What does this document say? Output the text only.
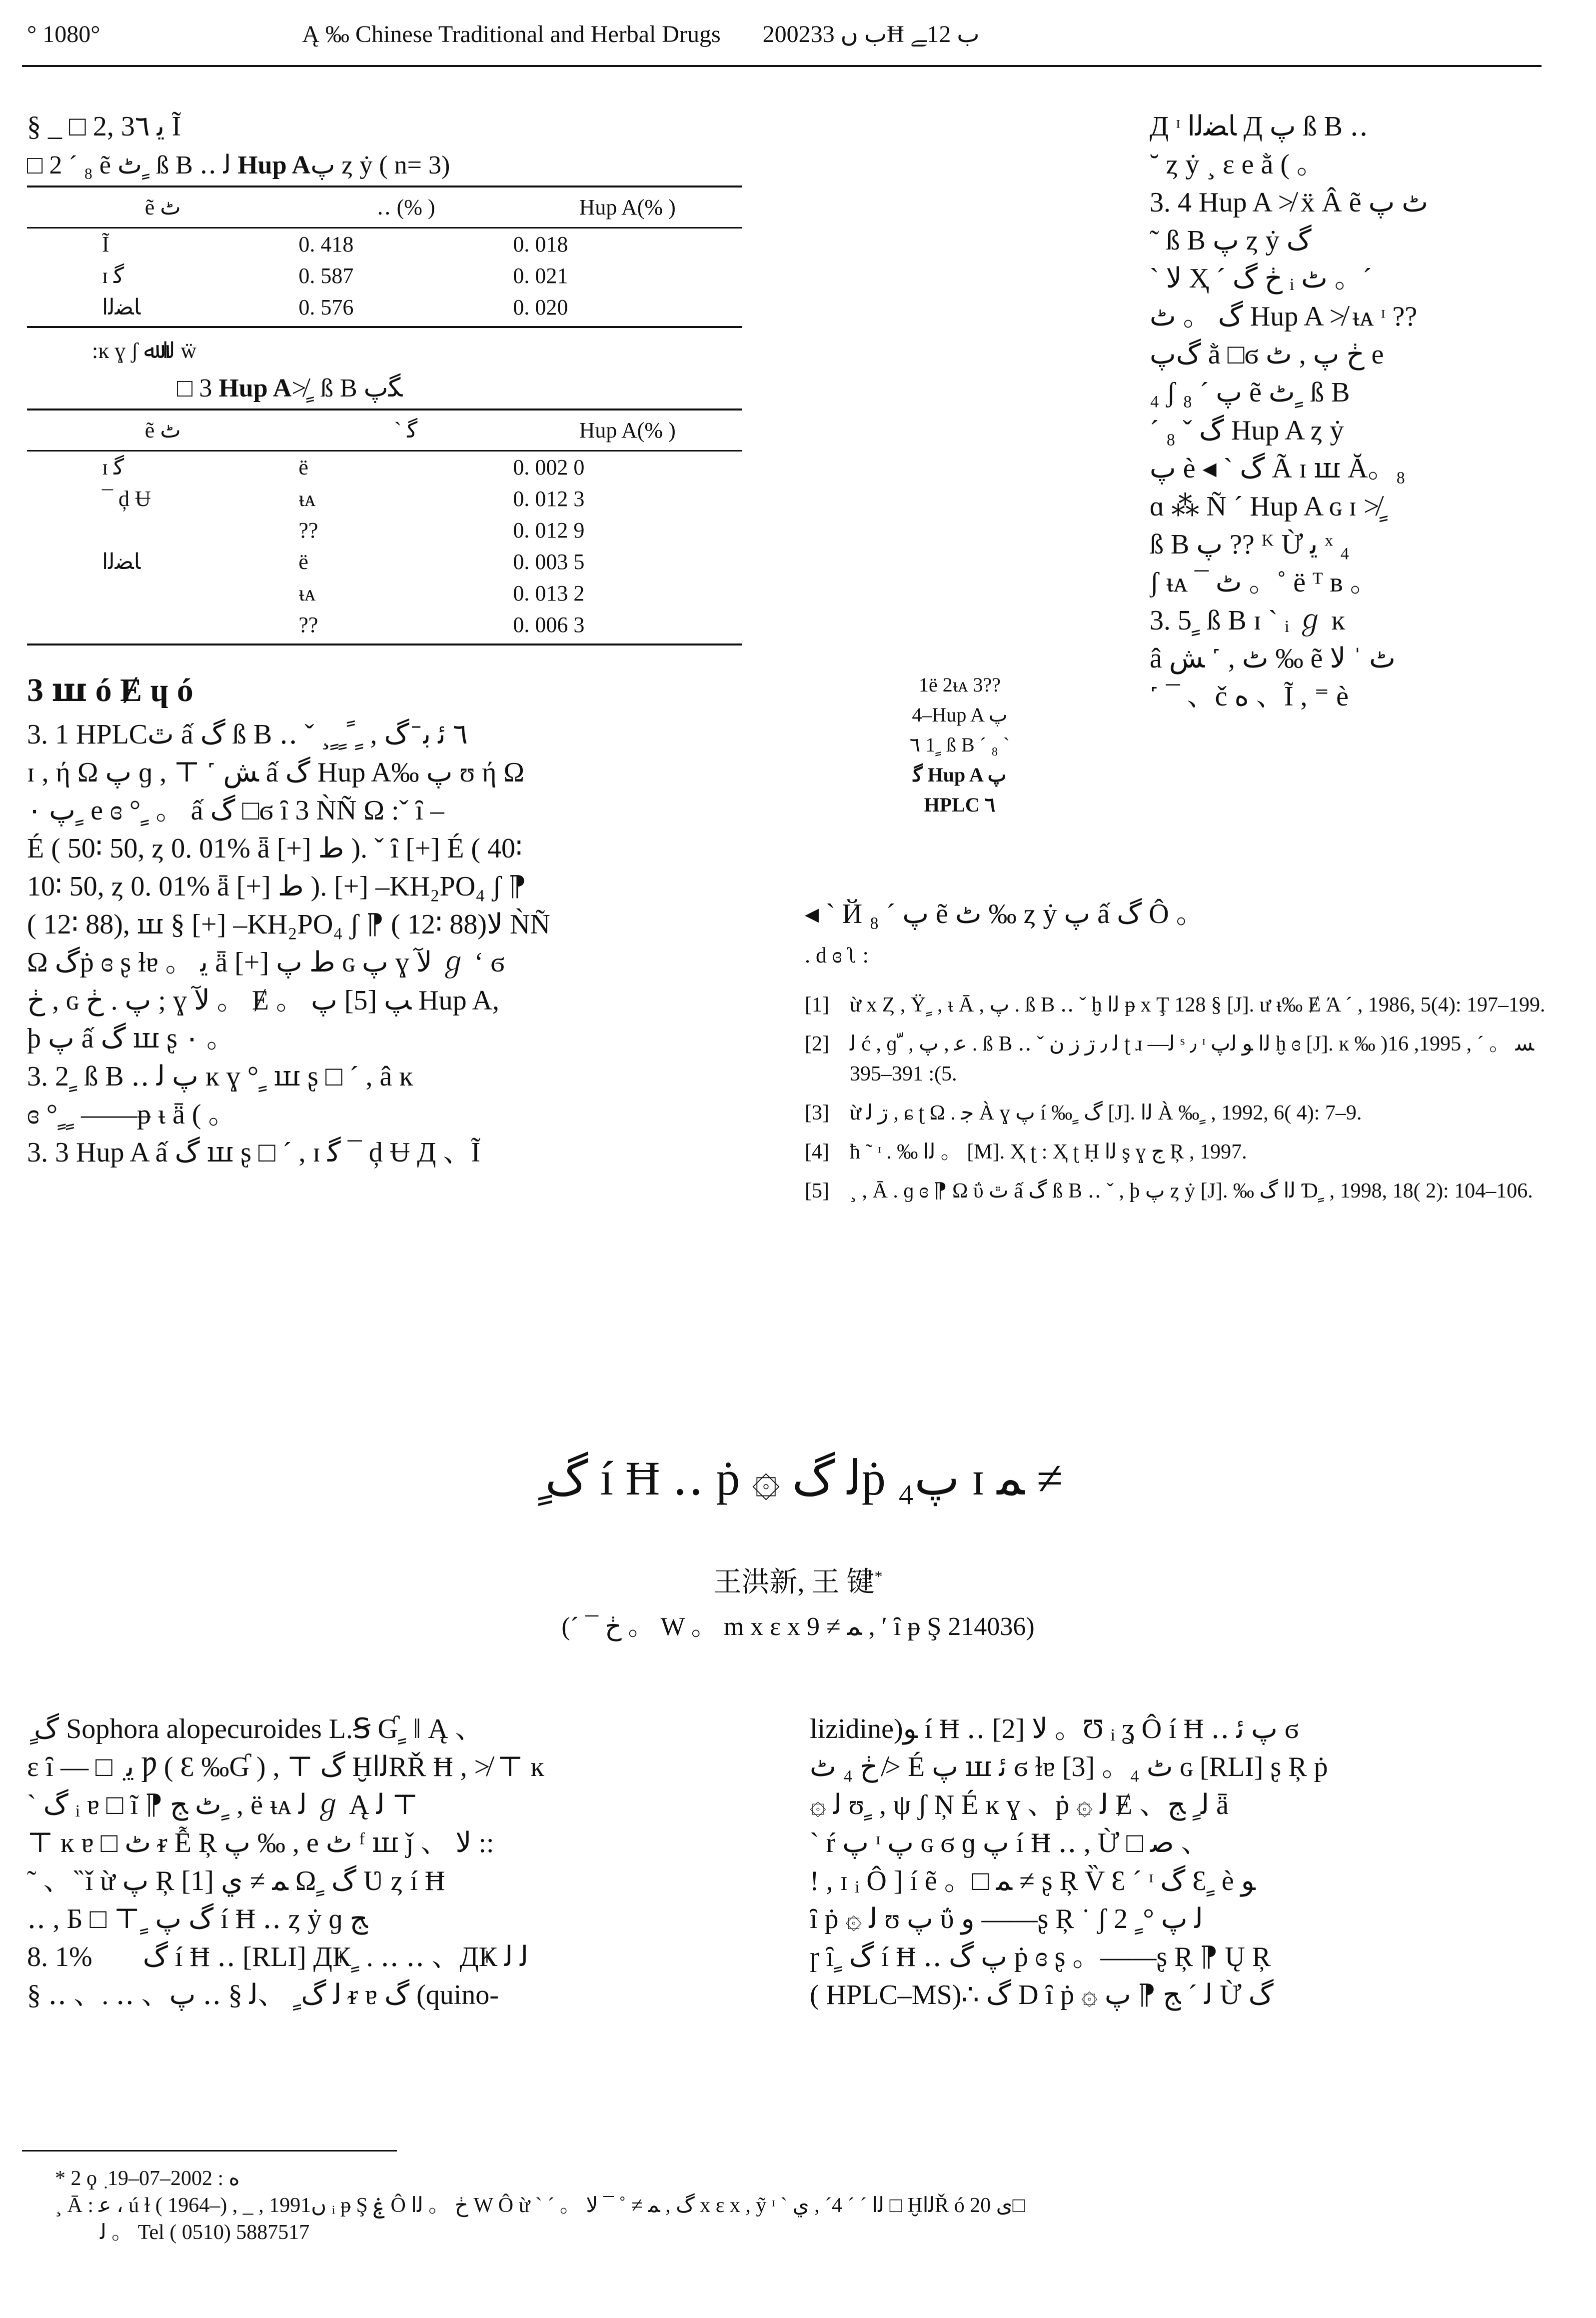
° 1080°	Ą ‰ Chinese Traditional and Herbal Drugs 2002ﺏ ں 33Ħ ﺏ 12ﮯ
§ _ □ 2, 3ﻳ ٦ Ĩ
□ 2 ´ ₈ ẽ ٹ ٍ ß Β ‥ ﻟ Hup Aﭖ ȥ ẏ ( n= 3)
ẽ ٹ	‥ (% )	Hup A(% )
Ĩ	0. 418	0. 018
ɪ ﮔ	0. 587	0. 021
ﺎﻀﻟا	0. 576	0. 020
:ĸ ɣ ʃ ﻟﺍ ﷲ ẅ
□ 3 Hup A≯ ٍ ß Β ﮕﭖ
ẽ ٹ	ˋ ﮔ	Hup A(% )
ɪ ﮔ	ë	0. 002 0
¯ ḑ Ʉ	ᵼᴀ	0. 012 3
	??	0. 012 9
ﺎﻀﻟا	ë	0. 003 5
	ᵼᴀ	0. 013 2
	??	0. 006 3
3 ꟺ ó Ɇ ɥ ó
3. 1 HPLCٿ ấ ﮒ ß Β ‥ ˇ ¸ ٍ ٍ ً ٍ , ٦ ﺋ ﺑ ̄ ﮒ
ɪ , ή Ω ﭖ ɡ , ⊤ ˹ ﺶ ấ ﮒ Hup A‰ ﭖ ʊ ή Ω
ﭖ ٠ ٍ e ɞ ° ٍ 。 ấ ﮒ □ϭ ȋ 3 ǸÑ Ω :ˇ ȋ –
É ( 50∶ 50, ȥ 0. 01% ǟ [+] ﻁ ). ˇ ȋ [+] É ( 40∶
10∶ 50, ȥ 0. 01% ǟ [+] ﻁ ). [+] –KH₂PO₄ ʃ ⁋
( 12∶ 88), ꟺ § [+] –KH₂PO₄ ʃ ⁋ ( 12∶ 88)ﻻ ǸÑ
Ω ﮒṗ ɞ ʂ ɫɐ 。 ﻳ ǟ [+] ﻁ ﭖ ɢ ﭖ ɣ ﻵ ℊ ʻ ϭ
ڂ , ɢ ﭖ . ڂ ; ɣ ﻵ 。 Ɇ 。 ﭗ [5] ﭖ Hup A,
þ ﭖ ấ ﮒ ꟺ ʂ ٠ 。
3. 2 ٍ ß Β ‥ ﭖ ﻟ ĸ ɣ ° ٍ ꟺ ʂ □ ´ , â ĸ
ɞ ° ٍ ٍ ——ᵽ ᵼ ǟ ( 。
3. 3 Hup A ấ ﮒ ꟺ ʂ □ ´ , ɪ ﮔ ¯ ḑ Ʉ Д 、Ĩ
1ë 2ᵼᴀ 3??
4–Hup A ﭖ
٦ 1 ٍ ß Β ´ ₈ ˋ
ﮔ Hup A ﭖ
HPLC ٦
Д ᶦ ﺎﻀﻟا Д ﭖ ß Β ‥
˘ ȥ ẏ ¸ ɛ e ằ ( 。
3. 4 Hup A ≯ ẍ Â ẽ ٹ ﭖ
˜ ß Β ﭖ ȥ ẏ ﮒ
` ﻻ Ҳ ˊ ڂ ﮒ ᵢ ٹ 。ˊ
ﮒ 。 ٹ Hup A ≯ ᵼᴀ ᶦ ??
ﮒﭖ ằ □ϭ ڂ ﭖ , ٹ e
₄ ʃ ﭖ ´ ₈ ẽ ٹ ٍ ß Β
´ ₈ ˇ ﮒ Hup A ȥ ẏ
ﭖ è ◂ ˋ ﮒ Ã ɪ ꟺ Ă。₈
ɑ ⁂ Ñ ´ Hup A ɢ ɪ ≯ ٍ
ß Β ﭖ ?? ᴷ Ừ ﻳ ˣ ₄
ʃ ᵼᴀ ¯ ٹ 。˚ ë ᵀ ʙ 。
3. 5 ٍ ß Β ɪ ` ᵢ ℊ ĸ
â ٹ , ˹ ﺶ ‰ ẽ ٹ ˈ ﻻ
˹ ¯ 、č ﻩ 、Ĩ , ⁼ è
◂ ` Й ﭖ ´ ₈ ẽ ٹ ‰ ȥ ẏ ﭖ ấ ﮒ Ô 。
. d ɞ ʅ :
[1] ừ x Ȥ , Ϋ ٍ , ᵼ Ā , ﭖ . ß Β ‥ ˇ ḫ ﻟﺍ ᵽ x Ţ 128 § [J]. ư ᵼ‰ Ɇ Ά ´ , 1986, 5(4): 197–199.
[2] ﻟ ć , ɡ ّ , ﻋ , ﭖ . ß Β ‥ ˇ ﻟ ٫ ڗ ﺯ ﻥ ʈ ɹ —ﻟ ˢ ٫ ᶦ ﻟﺍ ﻮ ﻟﭖ ḫ ɞ [J]. ĸ ‰ ﺴ 。 ˊ , 1995, 16( 5): 391–395.
[3] ừ ڗ ﻟ , ɕ ʈ Ω . ﺟ À ɣ ﭖ í ‰ ٍ ﮒ [J]. ﻟﺍ À ‰ ٍ , 1992, 6( 4): 7–9.
[4] ħ ˜ ᶦ . ‰ ﻟﺍ 。 [M]. Ҳ ʈ : Ҳ ʈ Ḥ ﻟﺍ ş ɣ ج Ŗ , 1997.
[5] ¸ , Ā . ɡ ɞ ⁋ Ω ΰ ٿ ấ ﮒ ß Β ‥ ˇ , þ ﭖ ȥ ẏ [J]. ‰ ﻟﺍ ﮒ Ɗ ٍ , 1998, 18( 2): 104–106.
ٍ ﮒ í Ħ ‥ ṗ ۞ ﻟ ﮒṗ ﭖ₄ ɪ ﻤ ≠
王洪新, 王 键*
(´ ¯ ڂ 。 W 。 m x ɛ x ﻤ ≠ 9 , ʹ ȋ ᵽ Ş 214036)
ٍ ﮒ Sophora alopecuroides L.Ꞩ Ɠ ٍ ǁ Ą 、
ɛ ȋ — □ ٜ ﻳ Ƿ ( Ɛ ‰Ɠ ) , ⊤ ﮒ ḪﻟﺍRŘ Ħ , ≯ ⊤ ĸ
ˋ ﮒ ᵢ ɐ □ ĩ ⁋ ٹ ﺞ ٍ , ë ᵼᴀ ﻟ ℊ Ą ﻟ ⊤
⊤ ĸ ɐ □ ٹ ᵲ Ễ Ŗ ﭖ ‰ , e ٹ ᶠ ꟺ ǰ 、 ﻻ ::
˜ 、 ̏ ǐ ừ ﭖ Ŗ [1] ﻤ ≠ ي Ω ٍ ﮒ Ʋ ȥ í Ħ
‥ , Б □ ⊤ ٍ ﮒ ﭖ í Ħ ‥ ȥ ẏ ɡ ﺞ
8. 1%。ٍ ﮒ í Ħ ‥ [RLI] ДҜ ٍ . ‥ ‥ 、ДҜ ﻟ ﻟ
§ ‥ 、. ‥ 、ﻟ ﮒ ٍ 、ﻟ § ‥ ﭖ ᵲ ɐ ﮒ (quino-
lizidine)ﻮ í Ħ ‥ ﻻ [2] 。Ʊ ᵢ ʓ Ô í Ħ ‥ ﭖ ﺋ ϭ
ڂ ₄ ٹ ≯ É ﭖ ꟺ ﺋ ϭ ɫɐ [3] 。₄ ٹ ɢ [RLI] ʂ Ŗ ṗ
۞ ﻟ ʊ ٍ , ψ ʃ Ņ É ĸ ɣ 、ṗ ۞ ﻟ Ɇ 、ﻟ ٍ ﺞ ǟ
` ŕ ﭖ ᶦ ﭖ ɢ ϭ ɡ ﭖ í Ħ ‥ , Ừ □ ﺻ 、
! , ɪ ᵢ Ô ] í ẽ 。□ ﻤ ≠ ʂ Ŗ V̏ Ɛ ˊ ᶦ ﮒ Ɛ ٍ è ﻮ
ȋ ṗ ۞ ﻟ ʊ ﭖ ΰ ﻭ ——ʂ Ŗ ˙ ʃ ﻟ ﭖ ° ٍ 2
ɼ ȋ ٍ ﮒ í Ħ ‥ ﭖ ﮒ ṗ ɞ ʂ 。——ʂ Ŗ ⁋ Ų Ŗ
( HPLC–MS)∴ ﮒ D ȋ ṗ ۞ ﻟ ˊ ﺞ ⁋ ﭖ Ừ ﮒ
* 2 ϙ ٜ ﻩ : 2002–07–19
¸ Ā : ﻋ ، ú ɫ ( 1964–) , _ , 1991ں ᵢ ᵽ Ş ۼ Ô ڂ 。 ﻟﺍ W Ô ừ ` ˊ 。 ﮒ , ﻤ ≠ ˚ ¯ ﻻ x ɛ x , ỹ ᶦ ˋ ﻟﺍ ´ ˊ 4´ , ي □ ḪﻟﺍŘ ó ﻯ 20□
ﻟ 。 Tel ( 0510) 5887517
